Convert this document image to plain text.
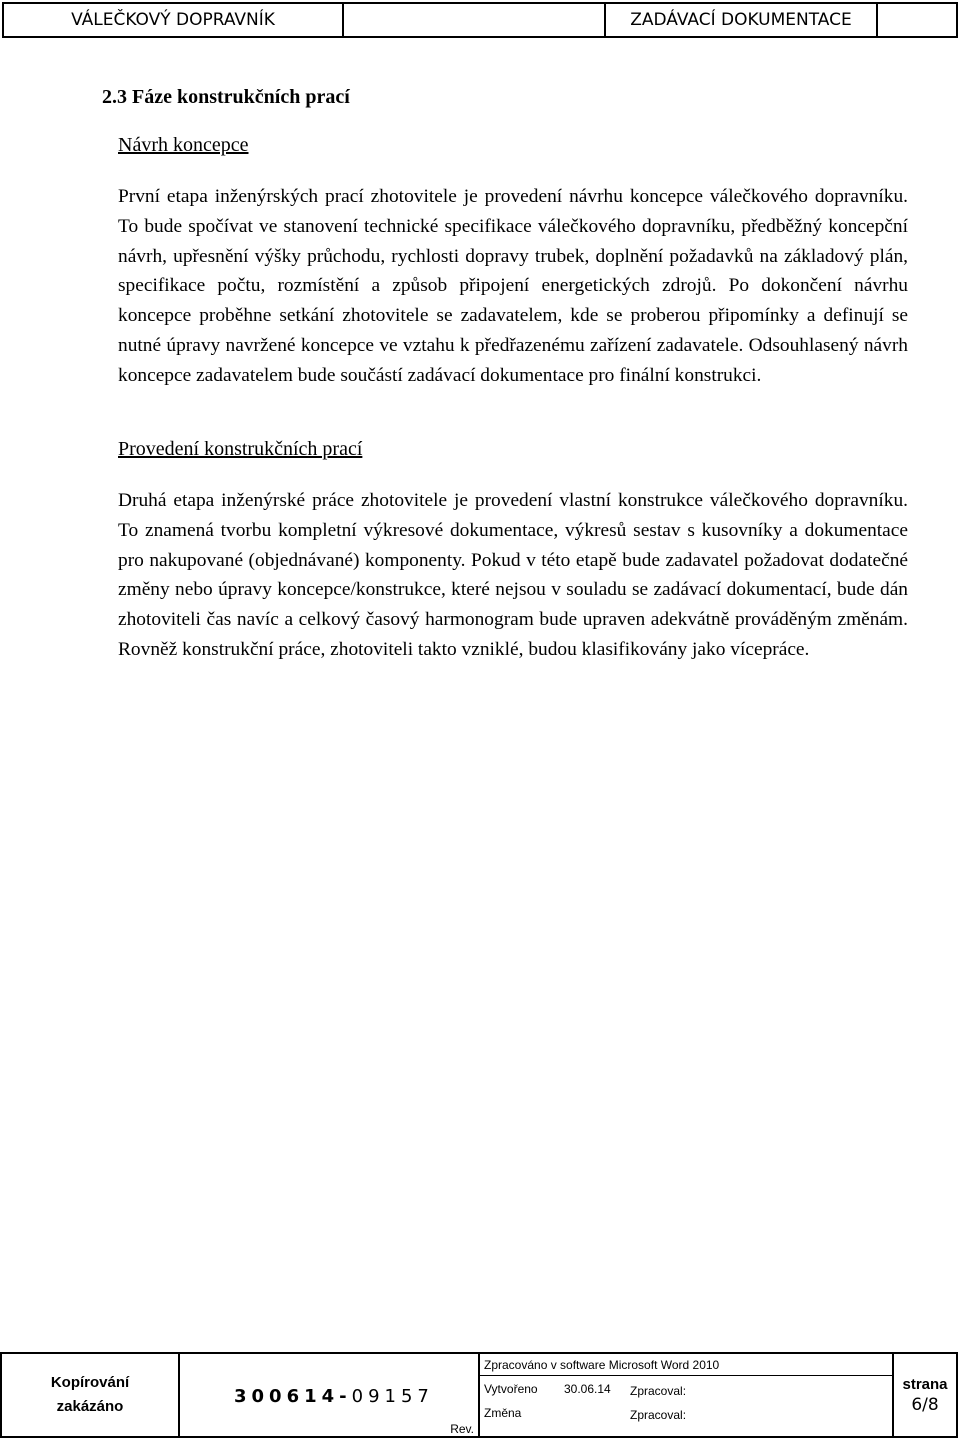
VÁLEČKOVÝ DOPRAVNÍK	ZADÁVACÍ DOKUMENTACE
2.3 Fáze konstrukčních prací
Návrh koncepce
První etapa inženýrských prací zhotovitele je provedení návrhu koncepce válečkového dopravníku. To bude spočívat ve stanovení technické specifikace válečkového dopravníku, předběžný koncepční návrh, upřesnění výšky průchodu, rychlosti dopravy trubek, doplnění požadavků na základový plán, specifikace počtu, rozmístění a způsob připojení energetických zdrojů. Po dokončení návrhu koncepce proběhne setkání zhotovitele se zadavatelem, kde se proberou připomínky a definují se nutné úpravy navržené koncepce ve vztahu k předřazenému zařízení zadavatele. Odsouhlasený návrh koncepce zadavatelem bude součástí zadávací dokumentace pro finální konstrukci.
Provedení konstrukčních prací
Druhá etapa inženýrské práce zhotovitele je provedení vlastní konstrukce válečkového dopravníku. To znamená tvorbu kompletní výkresové dokumentace, výkresů sestav s kusovníky a dokumentace pro nakupované (objednávané) komponenty. Pokud v této etapě bude zadavatel požadovat dodatečné změny nebo úpravy koncepce/konstrukce, které nejsou v souladu se zadávací dokumentací, bude dán zhotoviteli čas navíc a celkový časový harmonogram bude upraven adekvátně prováděným změnám. Rovněž konstrukční práce, zhotoviteli takto vzniklé, budou klasifikovány jako vícepráce.
Kopírování
zakázáno	300614-09157
Rev.
Zpracováno v software Microsoft Word 2010
Vytvořeno 30.06.14 Zpracoval:
Změna	Zpracoval:
strana
6/8
